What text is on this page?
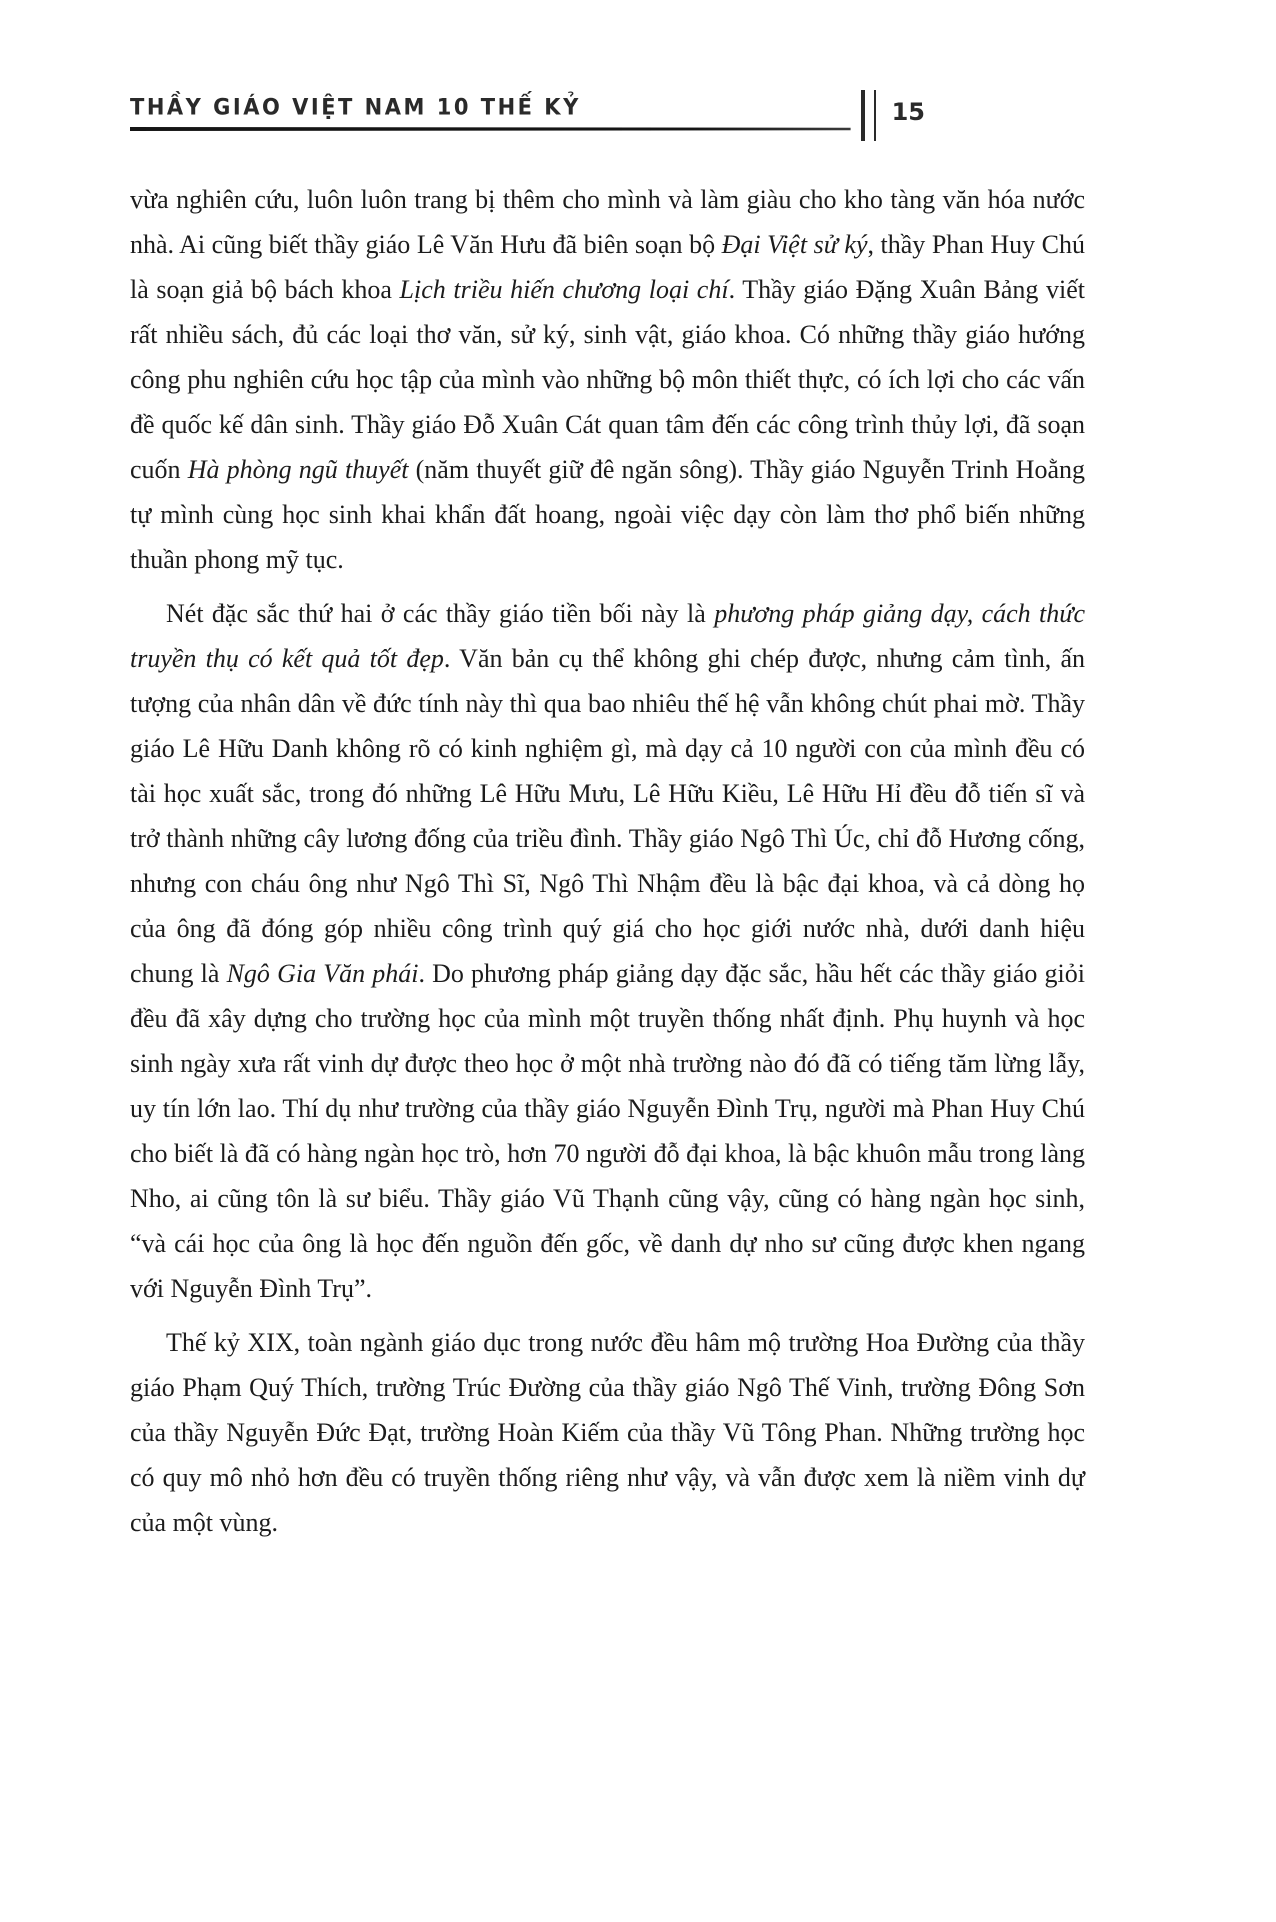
THẦY GIÁO VIỆT NAM 10 THẾ KỶ	15

vừa nghiên cứu, luôn luôn trang bị thêm cho mình và làm giàu cho kho tàng văn hóa nước nhà. Ai cũng biết thầy giáo Lê Văn Hưu đã biên soạn bộ Đại Việt sử ký, thầy Phan Huy Chú là soạn giả bộ bách khoa Lịch triều hiến chương loại chí. Thầy giáo Đặng Xuân Bảng viết rất nhiều sách, đủ các loại thơ văn, sử ký, sinh vật, giáo khoa. Có những thầy giáo hướng công phu nghiên cứu học tập của mình vào những bộ môn thiết thực, có ích lợi cho các vấn đề quốc kế dân sinh. Thầy giáo Đỗ Xuân Cát quan tâm đến các công trình thủy lợi, đã soạn cuốn Hà phòng ngũ thuyết (năm thuyết giữ đê ngăn sông). Thầy giáo Nguyễn Trinh Hoằng tự mình cùng học sinh khai khẩn đất hoang, ngoài việc dạy còn làm thơ phổ biến những thuần phong mỹ tục.

Nét đặc sắc thứ hai ở các thầy giáo tiền bối này là phương pháp giảng dạy, cách thức truyền thụ có kết quả tốt đẹp. Văn bản cụ thể không ghi chép được, nhưng cảm tình, ấn tượng của nhân dân về đức tính này thì qua bao nhiêu thế hệ vẫn không chút phai mờ. Thầy giáo Lê Hữu Danh không rõ có kinh nghiệm gì, mà dạy cả 10 người con của mình đều có tài học xuất sắc, trong đó những Lê Hữu Mưu, Lê Hữu Kiều, Lê Hữu Hỉ đều đỗ tiến sĩ và trở thành những cây lương đống của triều đình. Thầy giáo Ngô Thì Úc, chỉ đỗ Hương cống, nhưng con cháu ông như Ngô Thì Sĩ, Ngô Thì Nhậm đều là bậc đại khoa, và cả dòng họ của ông đã đóng góp nhiều công trình quý giá cho học giới nước nhà, dưới danh hiệu chung là Ngô Gia Văn phái. Do phương pháp giảng dạy đặc sắc, hầu hết các thầy giáo giỏi đều đã xây dựng cho trường học của mình một truyền thống nhất định. Phụ huynh và học sinh ngày xưa rất vinh dự được theo học ở một nhà trường nào đó đã có tiếng tăm lừng lẫy, uy tín lớn lao. Thí dụ như trường của thầy giáo Nguyễn Đình Trụ, người mà Phan Huy Chú cho biết là đã có hàng ngàn học trò, hơn 70 người đỗ đại khoa, là bậc khuôn mẫu trong làng Nho, ai cũng tôn là sư biểu. Thầy giáo Vũ Thạnh cũng vậy, cũng có hàng ngàn học sinh, “và cái học của ông là học đến nguồn đến gốc, về danh dự nho sư cũng được khen ngang với Nguyễn Đình Trụ”.

Thế kỷ XIX, toàn ngành giáo dục trong nước đều hâm mộ trường Hoa Đường của thầy giáo Phạm Quý Thích, trường Trúc Đường của thầy giáo Ngô Thế Vinh, trường Đông Sơn của thầy Nguyễn Đức Đạt, trường Hoàn Kiếm của thầy Vũ Tông Phan. Những trường học có quy mô nhỏ hơn đều có truyền thống riêng như vậy, và vẫn được xem là niềm vinh dự của một vùng.
